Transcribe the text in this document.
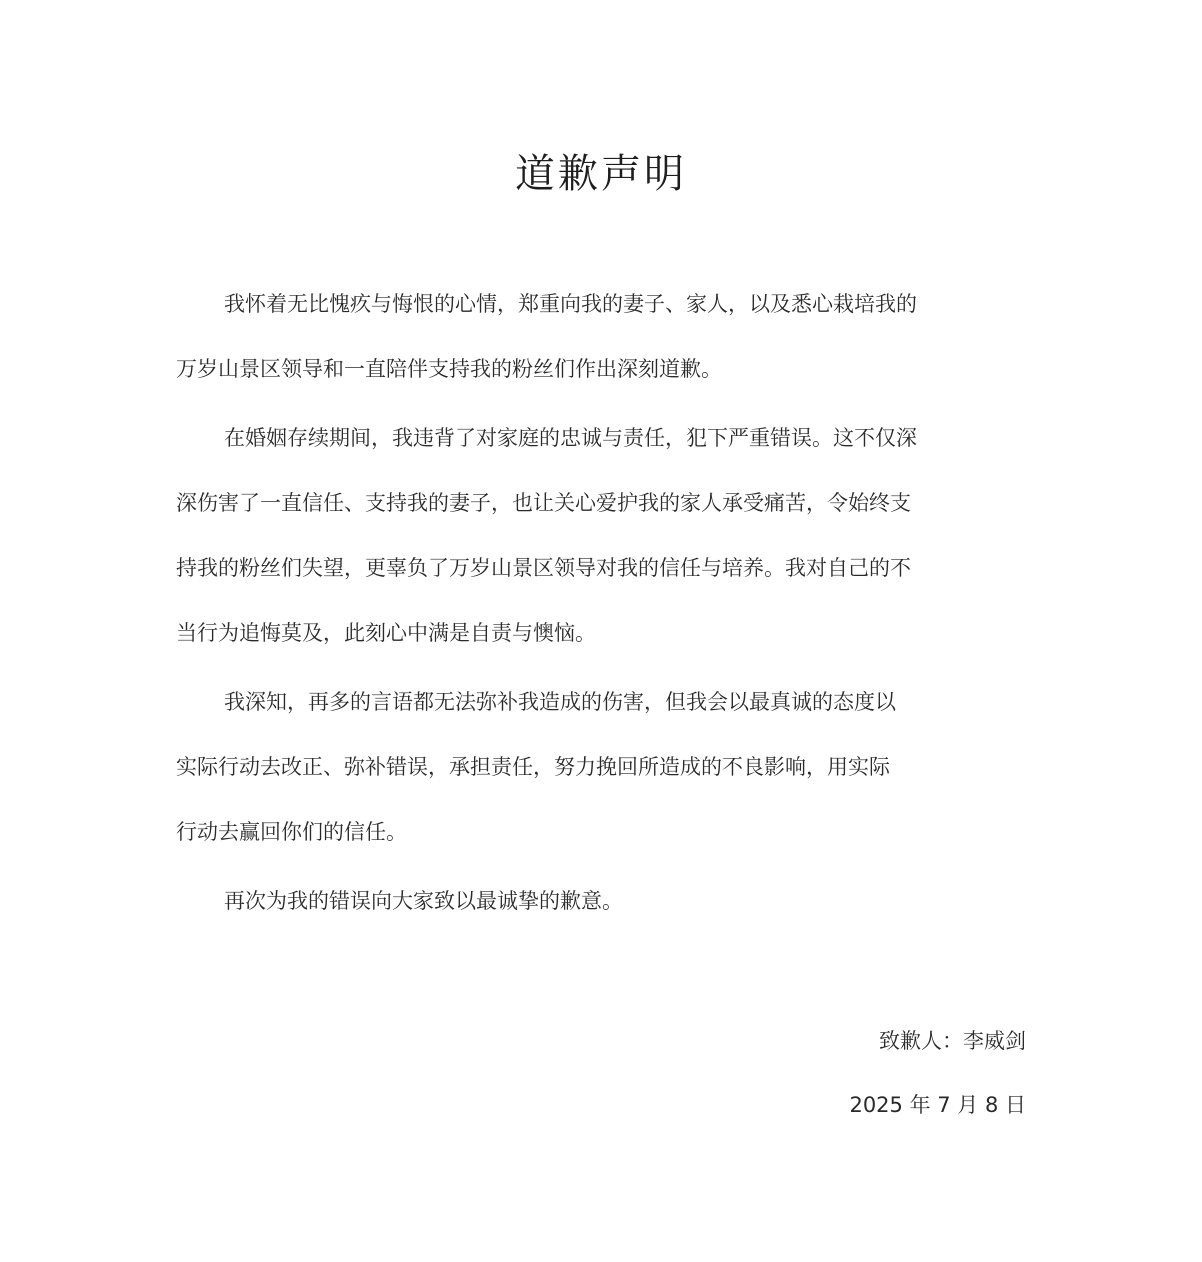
道歉声明

我怀着无比愧疚与悔恨的心情，郑重向我的妻子、家人，以及悉心栽培我的
万岁山景区领导和一直陪伴支持我的粉丝们作出深刻道歉。

在婚姻存续期间，我违背了对家庭的忠诚与责任，犯下严重错误。这不仅深
深伤害了一直信任、支持我的妻子，也让关心爱护我的家人承受痛苦，令始终支
持我的粉丝们失望，更辜负了万岁山景区领导对我的信任与培养。我对自己的不
当行为追悔莫及，此刻心中满是自责与懊恼。

我深知，再多的言语都无法弥补我造成的伤害，但我会以最真诚的态度以
实际行动去改正、弥补错误，承担责任，努力挽回所造成的不良影响，用实际
行动去赢回你们的信任。

再次为我的错误向大家致以最诚挚的歉意。

致歉人：李威剑
2025 年 7 月 8 日
